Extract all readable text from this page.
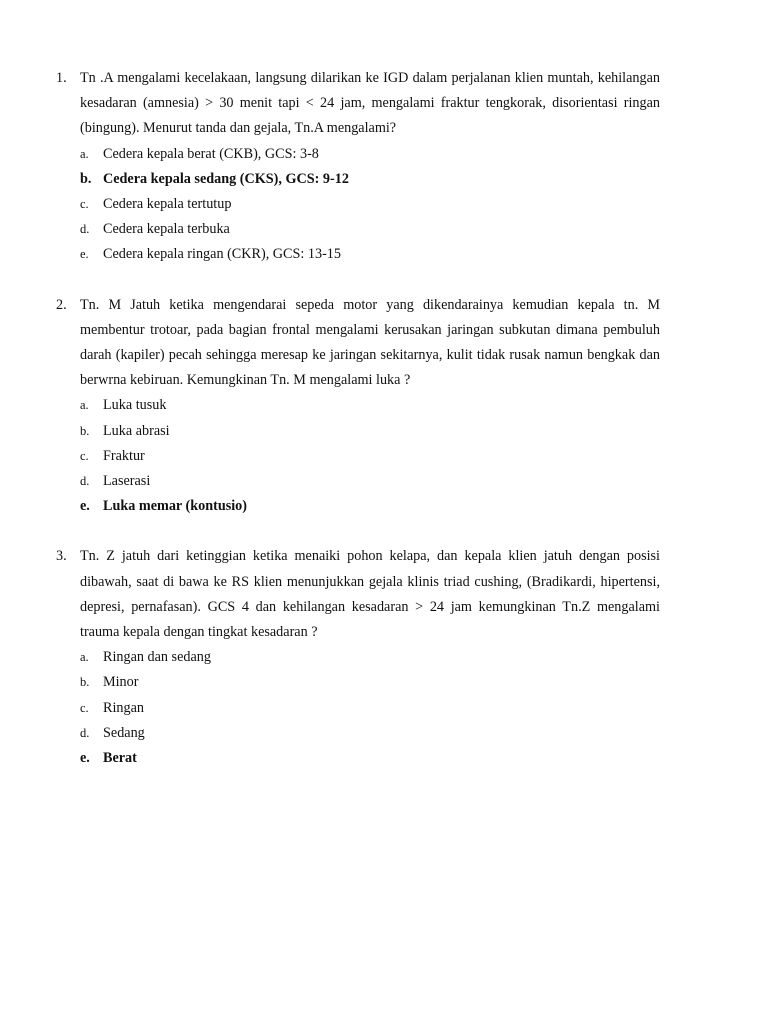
1. Tn .A mengalami kecelakaan, langsung dilarikan ke IGD dalam perjalanan klien muntah, kehilangan kesadaran (amnesia) > 30 menit tapi < 24 jam, mengalami fraktur tengkorak, disorientasi ringan (bingung). Menurut tanda dan gejala, Tn.A mengalami?
a.	Cedera kepala berat (CKB), GCS: 3-8
b. Cedera kepala sedang (CKS), GCS: 9-12
c.	Cedera kepala tertutup
d. Cedera kepala terbuka
e.	Cedera kepala ringan (CKR), GCS: 13-15
2. Tn. M Jatuh ketika mengendarai sepeda motor yang dikendarainya kemudian kepala tn. M membentur trotoar, pada bagian frontal mengalami kerusakan jaringan subkutan dimana pembuluh darah (kapiler) pecah sehingga meresap ke jaringan sekitarnya, kulit tidak rusak namun bengkak dan berwrna kebiruan. Kemungkinan Tn. M mengalami luka ?
a.	Luka tusuk
b. Luka abrasi
c.	Fraktur
d. Laserasi
e. Luka memar (kontusio)
3. Tn. Z jatuh dari ketinggian ketika menaiki pohon kelapa, dan kepala klien jatuh dengan posisi dibawah, saat di bawa ke RS klien menunjukkan gejala klinis triad cushing, (Bradikardi, hipertensi, depresi, pernafasan). GCS 4 dan kehilangan kesadaran > 24 jam kemungkinan Tn.Z mengalami trauma kepala dengan tingkat kesadaran ?
a.	Ringan dan sedang
b. Minor
c.	Ringan
d. Sedang
e. Berat
